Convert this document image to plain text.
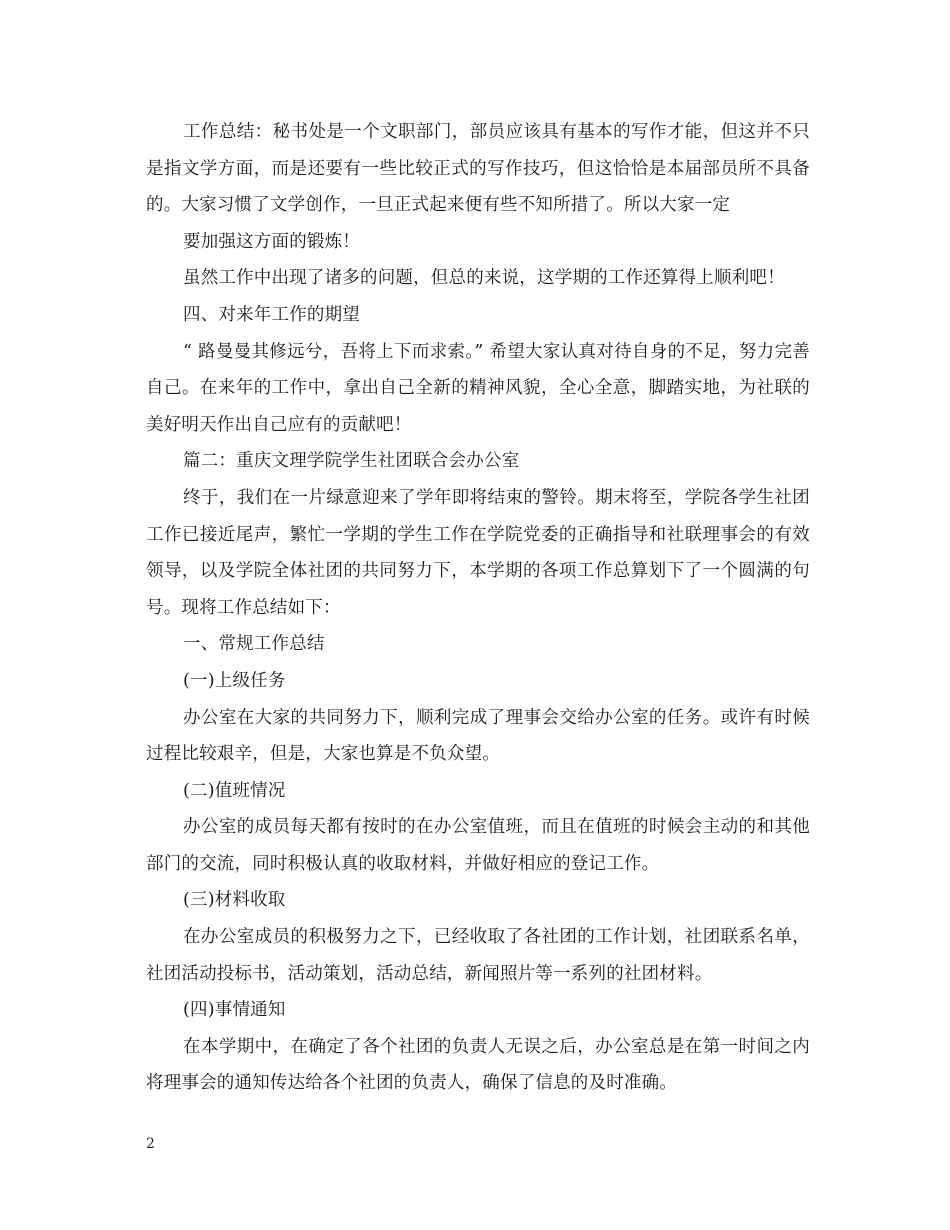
工作总结：秘书处是一个文职部门，部员应该具有基本的写作才能，但这并不只是指文学方面，而是还要有一些比较正式的写作技巧，但这恰恰是本届部员所不具备的。大家习惯了文学创作，一旦正式起来便有些不知所措了。所以大家一定

要加强这方面的锻炼！

虽然工作中出现了诸多的问题，但总的来说，这学期的工作还算得上顺利吧！

四、对来年工作的期望

“ 路曼曼其修远兮，吾将上下而求索。” 希望大家认真对待自身的不足，努力完善自己。在来年的工作中，拿出自己全新的精神风貌，全心全意，脚踏实地，为社联的美好明天作出自己应有的贡献吧！

篇二：重庆文理学院学生社团联合会办公室

终于，我们在一片绿意迎来了学年即将结束的警铃。期末将至，学院各学生社团工作已接近尾声，繁忙一学期的学生工作在学院党委的正确指导和社联理事会的有效领导，以及学院全体社团的共同努力下，本学期的各项工作总算划下了一个圆满的句号。现将工作总结如下：

一、常规工作总结

(一)上级任务

办公室在大家的共同努力下，顺利完成了理事会交给办公室的任务。或许有时候过程比较艰辛，但是，大家也算是不负众望。

(二)值班情况

办公室的成员每天都有按时的在办公室值班，而且在值班的时候会主动的和其他部门的交流，同时积极认真的收取材料，并做好相应的登记工作。

(三)材料收取

在办公室成员的积极努力之下，已经收取了各社团的工作计划，社团联系名单，社团活动投标书，活动策划，活动总结，新闻照片等一系列的社团材料。

(四)事情通知

在本学期中，在确定了各个社团的负责人无误之后，办公室总是在第一时间之内将理事会的通知传达给各个社团的负责人，确保了信息的及时准确。

2
